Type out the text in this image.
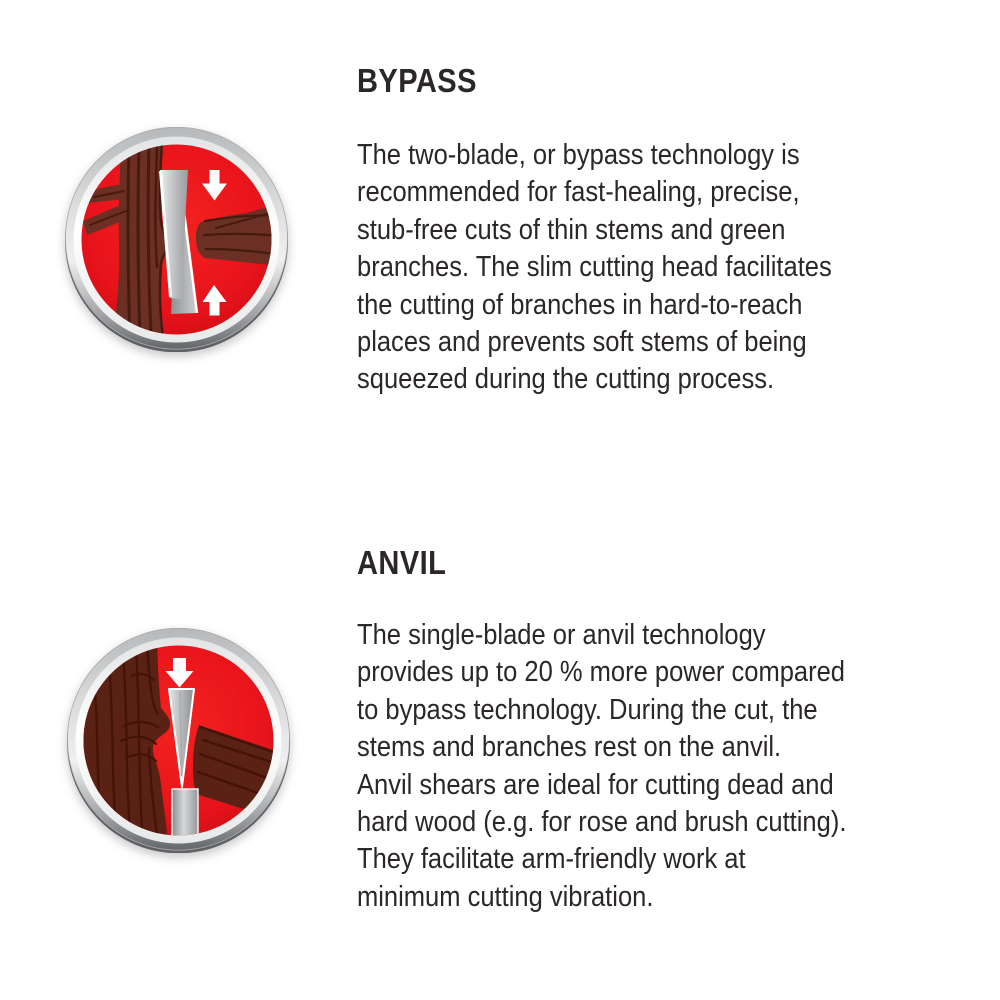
BYPASS
The two-blade, or bypass technology is
recommended for fast-healing, precise,
stub-free cuts of thin stems and green
branches. The slim cutting head facilitates
the cutting of branches in hard-to-reach
places and prevents soft stems of being
squeezed during the cutting process.
ANVIL
The single-blade or anvil technology
provides up to 20 % more power compared
to bypass technology. During the cut, the
stems and branches rest on the anvil.
Anvil shears are ideal for cutting dead and
hard wood (e.g. for rose and brush cutting).
They facilitate arm-friendly work at
minimum cutting vibration.
